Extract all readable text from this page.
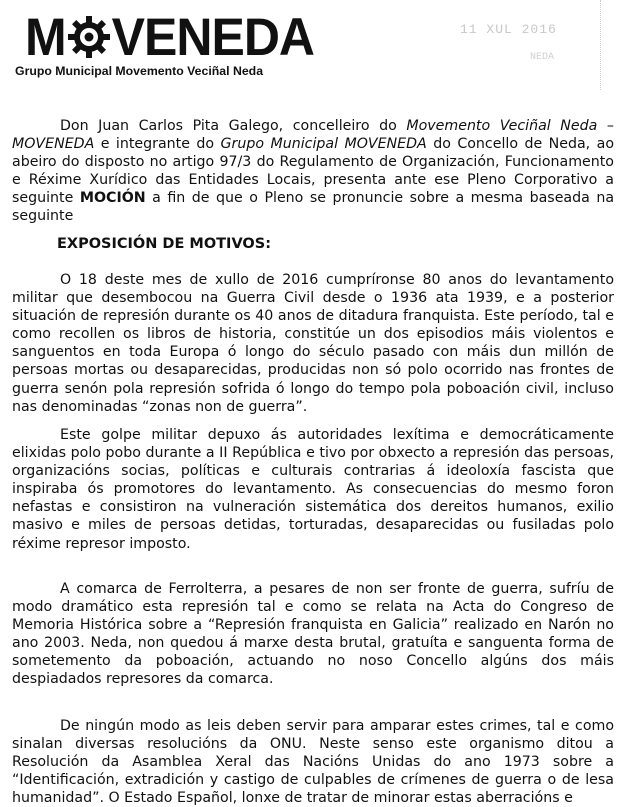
M VENEDA
Grupo Municipal Movemento Veciñal Neda
11 XUL 2016
NEDA

Don Juan Carlos Pita Galego, concelleiro do Movemento Veciñal Neda – MOVENEDA e integrante do Grupo Municipal MOVENEDA do Concello de Neda, ao abeiro do disposto no artigo 97/3 do Regulamento de Organización, Funcionamento e Réxime Xurídico das Entidades Locais, presenta ante ese Pleno Corporativo a seguinte MOCIÓN a fin de que o Pleno se pronuncie sobre a mesma baseada na seguinte

EXPOSICIÓN DE MOTIVOS:

O 18 deste mes de xullo de 2016 cumpríronse 80 anos do levantamento militar que desembocou na Guerra Civil desde o 1936 ata 1939, e a posterior situación de represión durante os 40 anos de ditadura franquista. Este período, tal e como recollen os libros de historia, constitúe un dos episodios máis violentos e sanguentos en toda Europa ó longo do século pasado con máis dun millón de persoas mortas ou desaparecidas, producidas non só polo ocorrido nas frontes de guerra senón pola represión sofrida ó longo do tempo pola poboación civil, incluso nas denominadas “zonas non de guerra”.

Este golpe militar depuxo ás autoridades lexítima e democráticamente elixidas polo pobo durante a II República e tivo por obxecto a represión das persoas, organizacións socias, políticas e culturais contrarias á ideoloxía fascista que inspiraba ós promotores do levantamento. As consecuencias do mesmo foron nefastas e consistiron na vulneración sistemática dos dereitos humanos, exilio masivo e miles de persoas detidas, torturadas, desaparecidas ou fusiladas polo réxime represor imposto.

A comarca de Ferrolterra, a pesares de non ser fronte de guerra, sufríu de modo dramático esta represión tal e como se relata na Acta do Congreso de Memoria Histórica sobre a “Represión franquista en Galicia” realizado en Narón no ano 2003. Neda, non quedou á marxe desta brutal, gratuíta e sanguenta forma de sometemento da poboación, actuando no noso Concello algúns dos máis despiadados represores da comarca.

De ningún modo as leis deben servir para amparar estes crimes, tal e como sinalan diversas resolucións da ONU. Neste senso este organismo ditou a Resolución da Asamblea Xeral das Nacións Unidas do ano 1973 sobre a “Identificación, extradición y castigo de culpables de crímenes de guerra o de lesa humanidad”. O Estado Español, lonxe de tratar de minorar estas aberracións e
